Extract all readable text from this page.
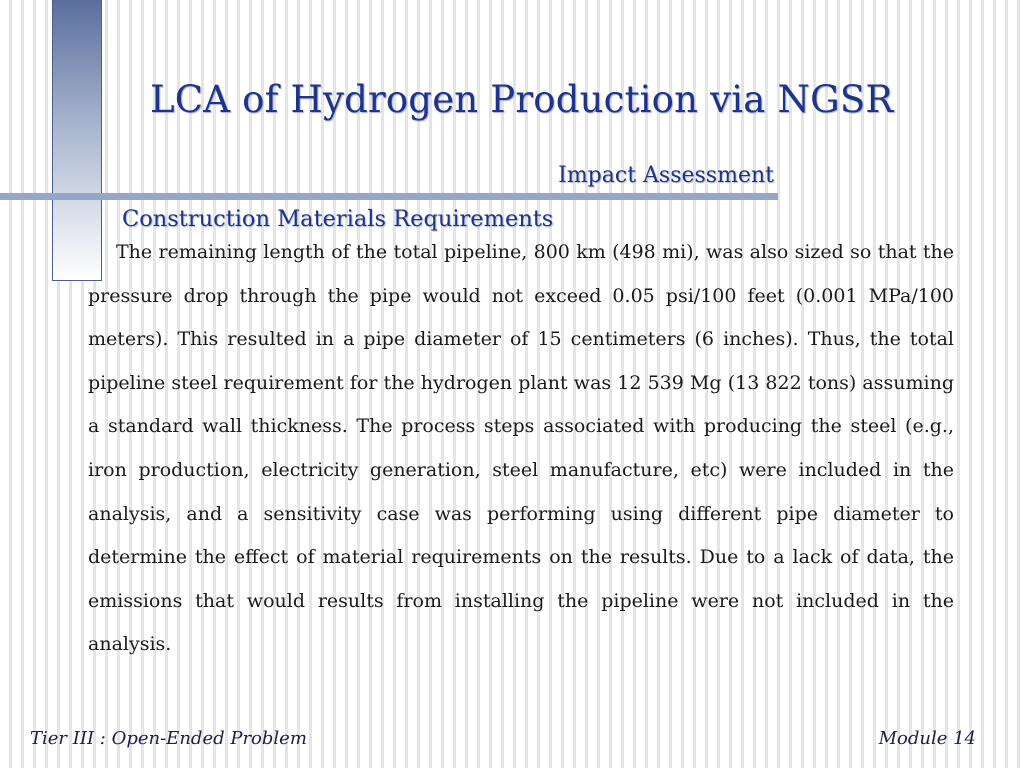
LCA of Hydrogen Production via NGSR
Impact Assessment
Construction Materials Requirements

The remaining length of the total pipeline, 800 km (498 mi), was also sized so that the pressure drop through the pipe would not exceed 0.05 psi/100 feet (0.001 MPa/100 meters). This resulted in a pipe diameter of 15 centimeters (6 inches). Thus, the total pipeline steel requirement for the hydrogen plant was 12 539 Mg (13 822 tons) assuming a standard wall thickness. The process steps associated with producing the steel (e.g., iron production, electricity generation, steel manufacture, etc) were included in the analysis, and a sensitivity case was performing using different pipe diameter to determine the effect of material requirements on the results. Due to a lack of data, the emissions that would results from installing the pipeline were not included in the analysis.

Tier III : Open-Ended Problem	Module 14
